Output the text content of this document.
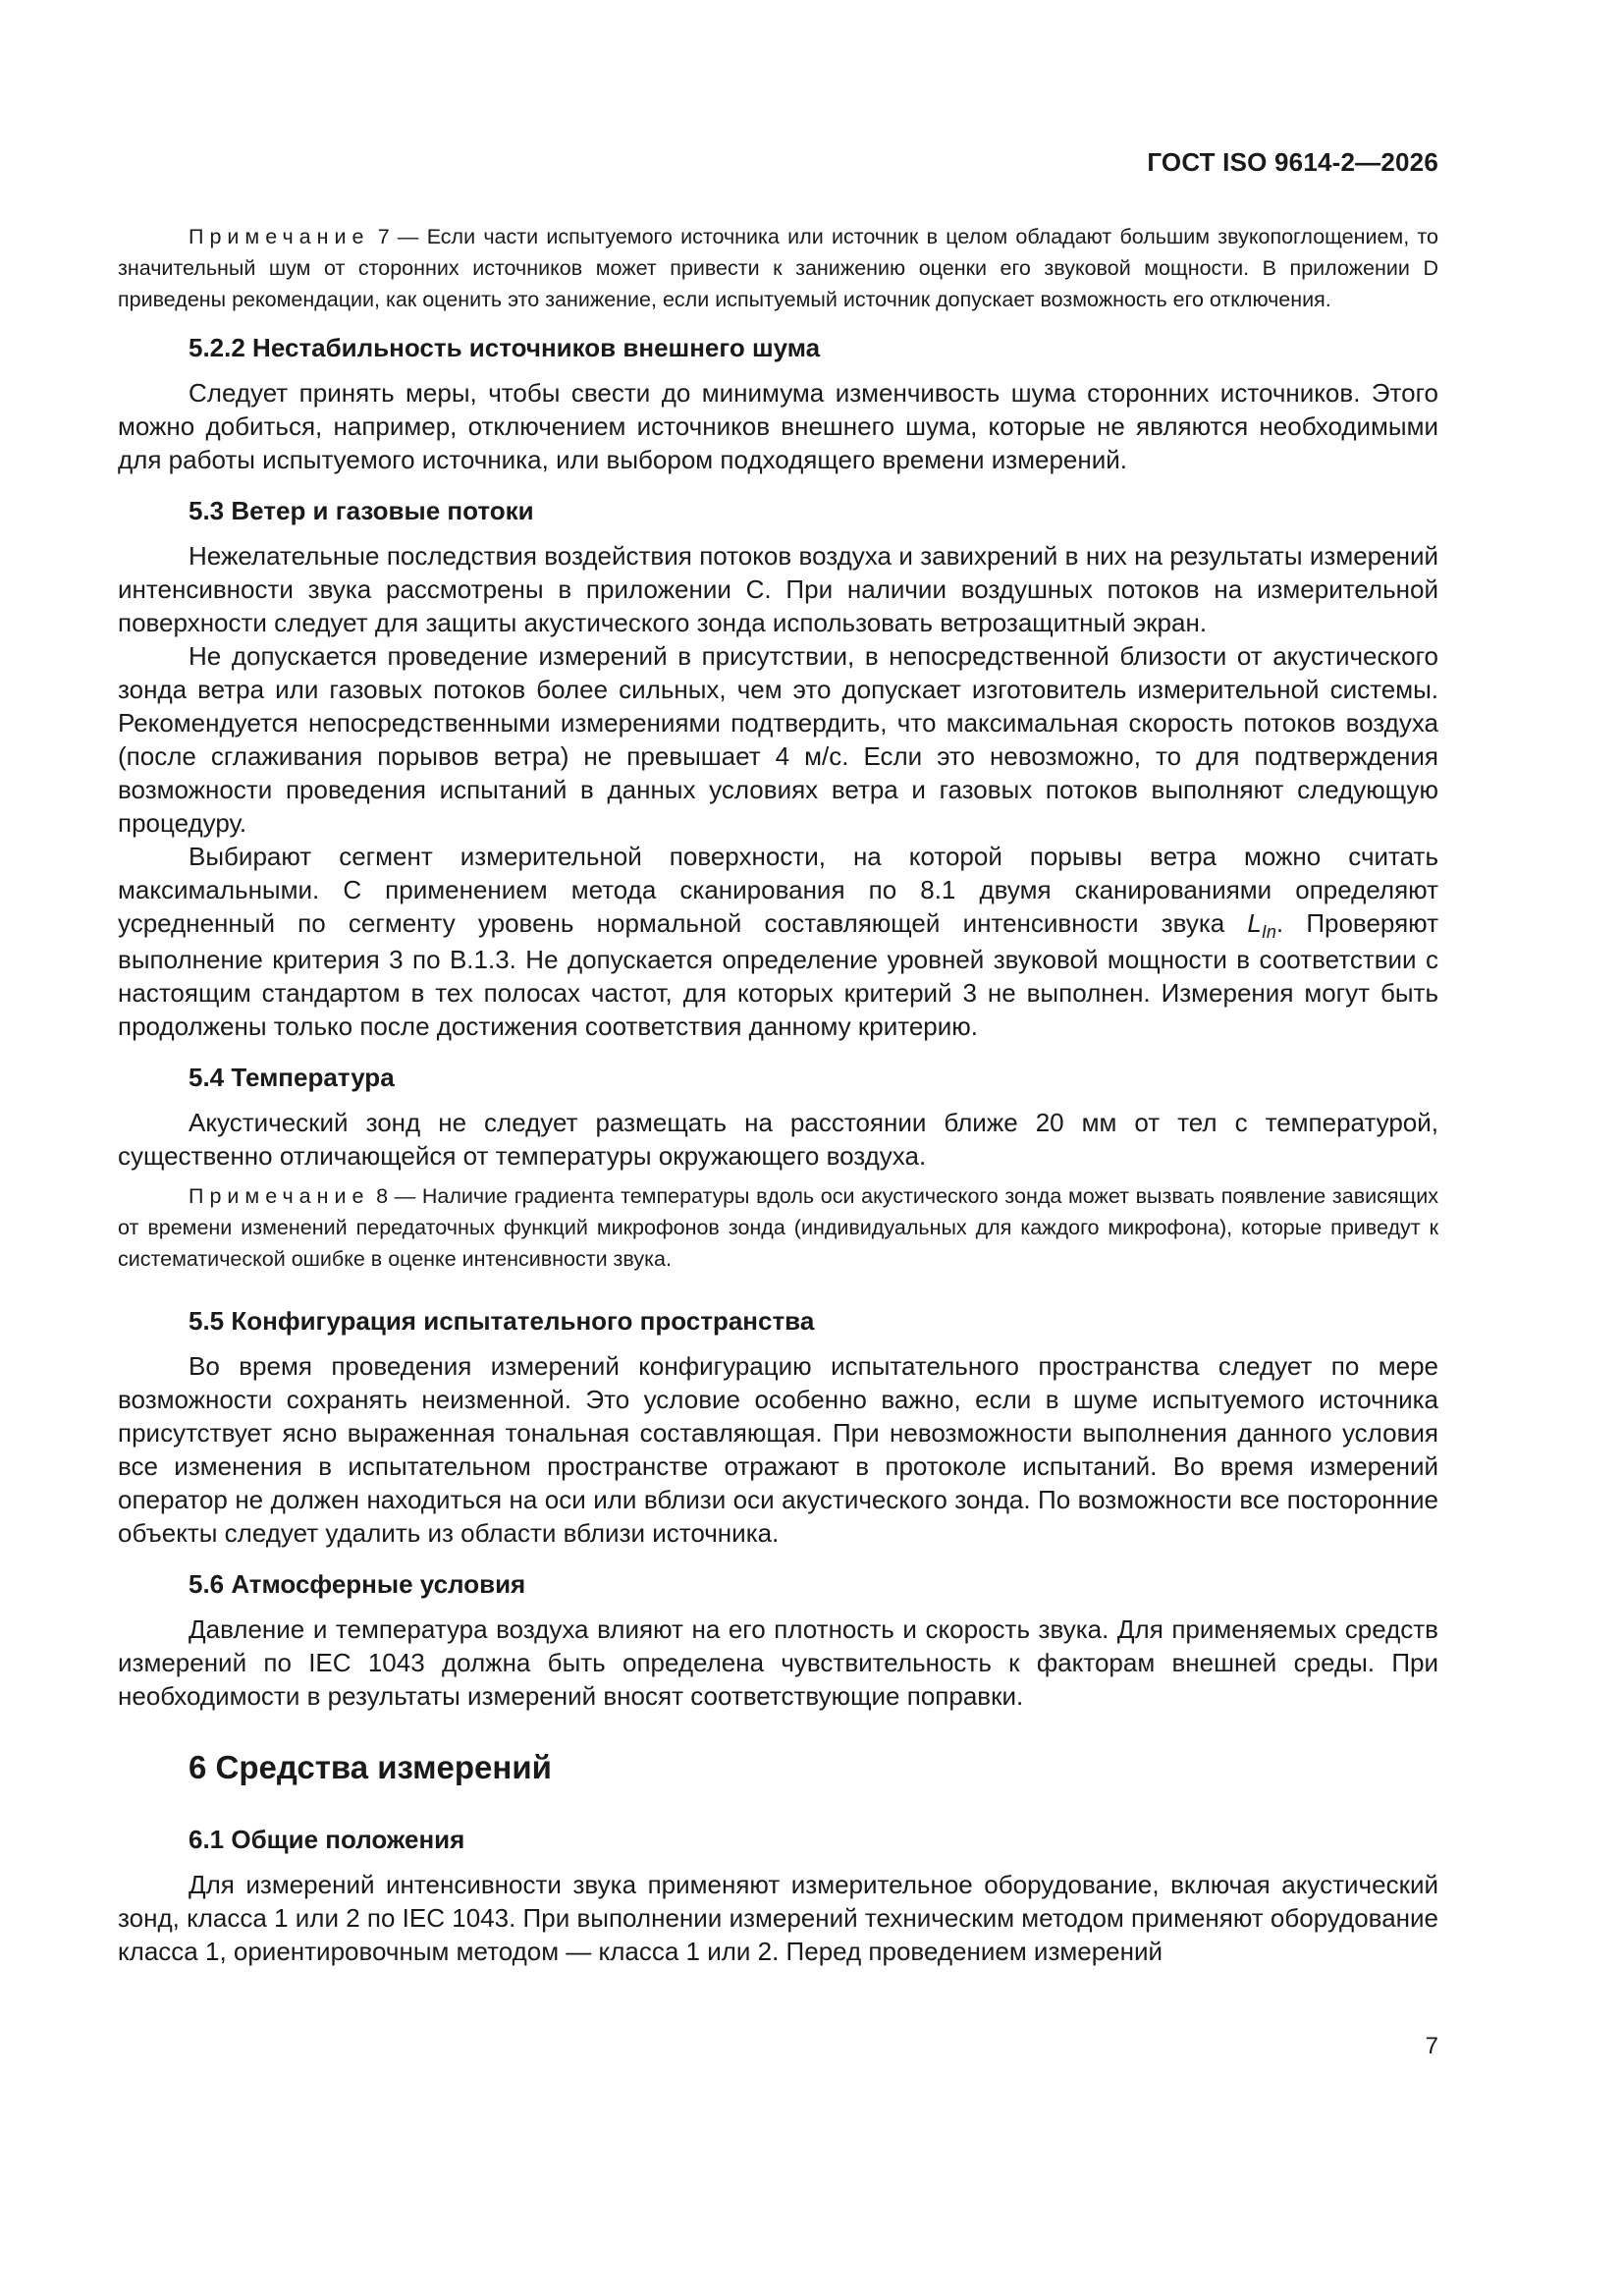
ГОСТ ISO 9614-2—2026

Примечание 7 — Если части испытуемого источника или источник в целом обладают большим звукопоглощением, то значительный шум от сторонних источников может привести к занижению оценки его звуковой мощности. В приложении D приведены рекомендации, как оценить это занижение, если испытуемый источник допускает возможность его отключения.

5.2.2 Нестабильность источников внешнего шума

Следует принять меры, чтобы свести до минимума изменчивость шума сторонних источников. Этого можно добиться, например, отключением источников внешнего шума, которые не являются необходимыми для работы испытуемого источника, или выбором подходящего времени измерений.

5.3 Ветер и газовые потоки

Нежелательные последствия воздействия потоков воздуха и завихрений в них на результаты измерений интенсивности звука рассмотрены в приложении С. При наличии воздушных потоков на измерительной поверхности следует для защиты акустического зонда использовать ветрозащитный экран.

Не допускается проведение измерений в присутствии, в непосредственной близости от акустического зонда ветра или газовых потоков более сильных, чем это допускает изготовитель измерительной системы. Рекомендуется непосредственными измерениями подтвердить, что максимальная скорость потоков воздуха (после сглаживания порывов ветра) не превышает 4 м/с. Если это невозможно, то для подтверждения возможности проведения испытаний в данных условиях ветра и газовых потоков выполняют следующую процедуру.

Выбирают сегмент измерительной поверхности, на которой порывы ветра можно считать максимальными. С применением метода сканирования по 8.1 двумя сканированиями определяют усредненный по сегменту уровень нормальной составляющей интенсивности звука $L_{In}$. Проверяют выполнение критерия 3 по В.1.3. Не допускается определение уровней звуковой мощности в соответствии с настоящим стандартом в тех полосах частот, для которых критерий 3 не выполнен. Измерения могут быть продолжены только после достижения соответствия данному критерию.

5.4 Температура

Акустический зонд не следует размещать на расстоянии ближе 20 мм от тел с температурой, существенно отличающейся от температуры окружающего воздуха.

Примечание 8 — Наличие градиента температуры вдоль оси акустического зонда может вызвать появление зависящих от времени изменений передаточных функций микрофонов зонда (индивидуальных для каждого микрофона), которые приведут к систематической ошибке в оценке интенсивности звука.

5.5 Конфигурация испытательного пространства

Во время проведения измерений конфигурацию испытательного пространства следует по мере возможности сохранять неизменной. Это условие особенно важно, если в шуме испытуемого источника присутствует ясно выраженная тональная составляющая. При невозможности выполнения данного условия все изменения в испытательном пространстве отражают в протоколе испытаний. Во время измерений оператор не должен находиться на оси или вблизи оси акустического зонда. По возможности все посторонние объекты следует удалить из области вблизи источника.

5.6 Атмосферные условия

Давление и температура воздуха влияют на его плотность и скорость звука. Для применяемых средств измерений по IEC 1043 должна быть определена чувствительность к факторам внешней среды. При необходимости в результаты измерений вносят соответствующие поправки.

6 Средства измерений
6.1 Общие положения

Для измерений интенсивности звука применяют измерительное оборудование, включая акустический зонд, класса 1 или 2 по IEC 1043. При выполнении измерений техническим методом применяют оборудование класса 1, ориентировочным методом — класса 1 или 2. Перед проведением измерений

7
